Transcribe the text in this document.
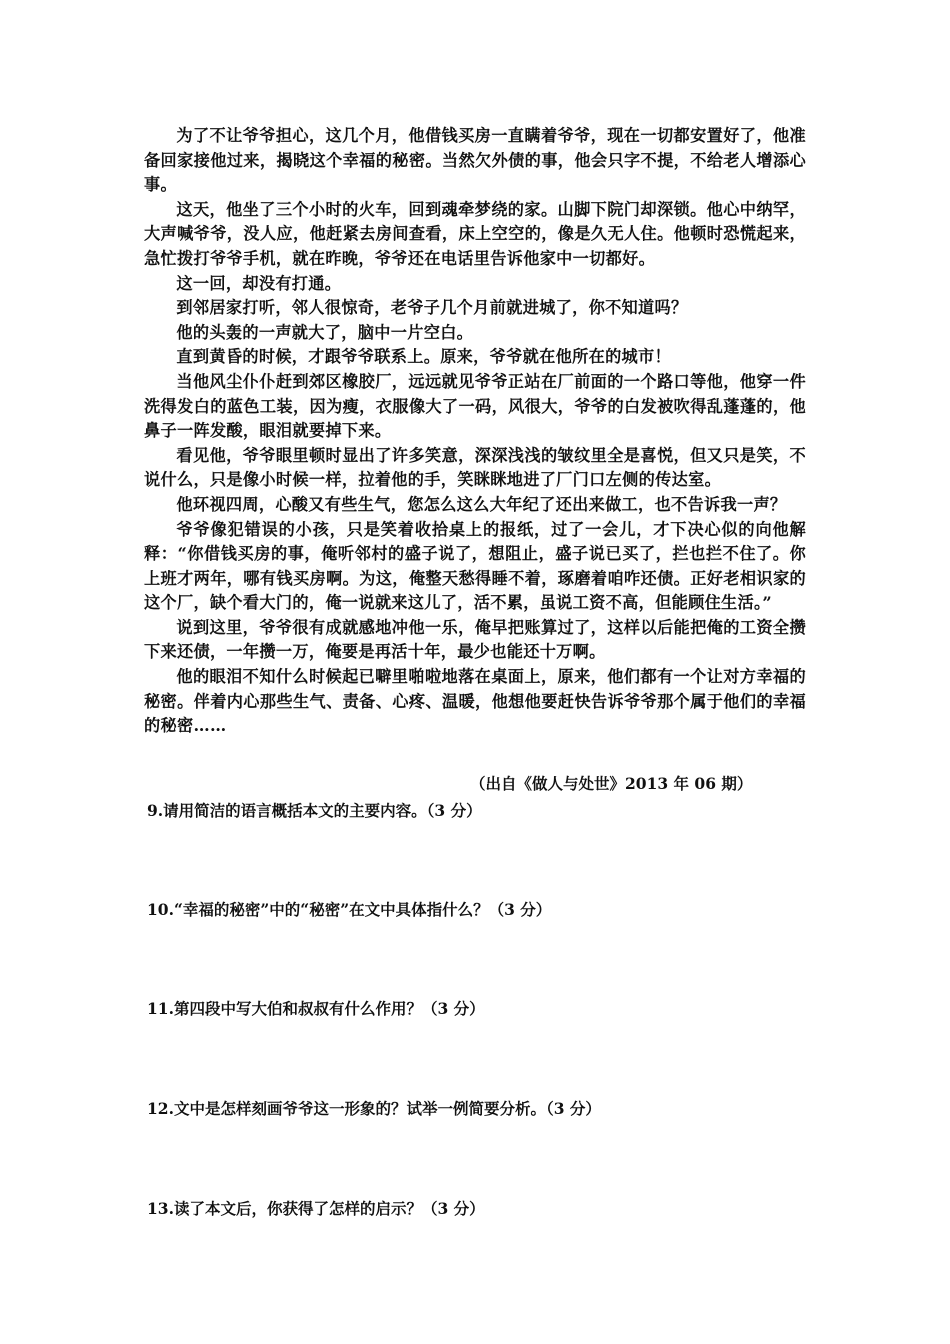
为了不让爷爷担心，这几个月，他借钱买房一直瞒着爷爷，现在一切都安置好了，他准备回家接他过来，揭晓这个幸福的秘密。当然欠外债的事，他会只字不提，不给老人增添心事。

这天，他坐了三个小时的火车，回到魂牵梦绕的家。山脚下院门却深锁。他心中纳罕，大声喊爷爷，没人应，他赶紧去房间查看，床上空空的，像是久无人住。他顿时恐慌起来，急忙拨打爷爷手机，就在昨晚，爷爷还在电话里告诉他家中一切都好。

这一回，却没有打通。

到邻居家打听，邻人很惊奇，老爷子几个月前就进城了，你不知道吗？

他的头轰的一声就大了，脑中一片空白。

直到黄昏的时候，才跟爷爷联系上。原来，爷爷就在他所在的城市！

当他风尘仆仆赶到郊区橡胶厂，远远就见爷爷正站在厂前面的一个路口等他，他穿一件洗得发白的蓝色工装，因为瘦，衣服像大了一码，风很大，爷爷的白发被吹得乱蓬蓬的，他鼻子一阵发酸，眼泪就要掉下来。

看见他，爷爷眼里顿时显出了许多笑意，深深浅浅的皱纹里全是喜悦，但又只是笑，不说什么，只是像小时候一样，拉着他的手，笑眯眯地进了厂门口左侧的传达室。

他环视四周，心酸又有些生气，您怎么这么大年纪了还出来做工，也不告诉我一声？

爷爷像犯错误的小孩，只是笑着收拾桌上的报纸，过了一会儿，才下决心似的向他解释：“你借钱买房的事，俺听邻村的盛子说了，想阻止，盛子说已买了，拦也拦不住了。你上班才两年，哪有钱买房啊。为这，俺整天愁得睡不着，琢磨着咱咋还债。正好老相识家的这个厂，缺个看大门的，俺一说就来这儿了，活不累，虽说工资不高，但能顾住生活。”

说到这里，爷爷很有成就感地冲他一乐，俺早把账算过了，这样以后能把俺的工资全攒下来还债，一年攒一万，俺要是再活十年，最少也能还十万啊。

他的眼泪不知什么时候起已噼里啪啦地落在桌面上，原来，他们都有一个让对方幸福的秘密。伴着内心那些生气、责备、心疼、温暖，他想他要赶快告诉爷爷那个属于他们的幸福的秘密……

（出自《做人与处世》2013 年 06 期）
9.请用简洁的语言概括本文的主要内容。（3 分）
10.“幸福的秘密”中的“秘密”在文中具体指什么？（3 分）
11.第四段中写大伯和叔叔有什么作用？（3 分）
12.文中是怎样刻画爷爷这一形象的？试举一例简要分析。（3 分）
13.读了本文后，你获得了怎样的启示？（3 分）
